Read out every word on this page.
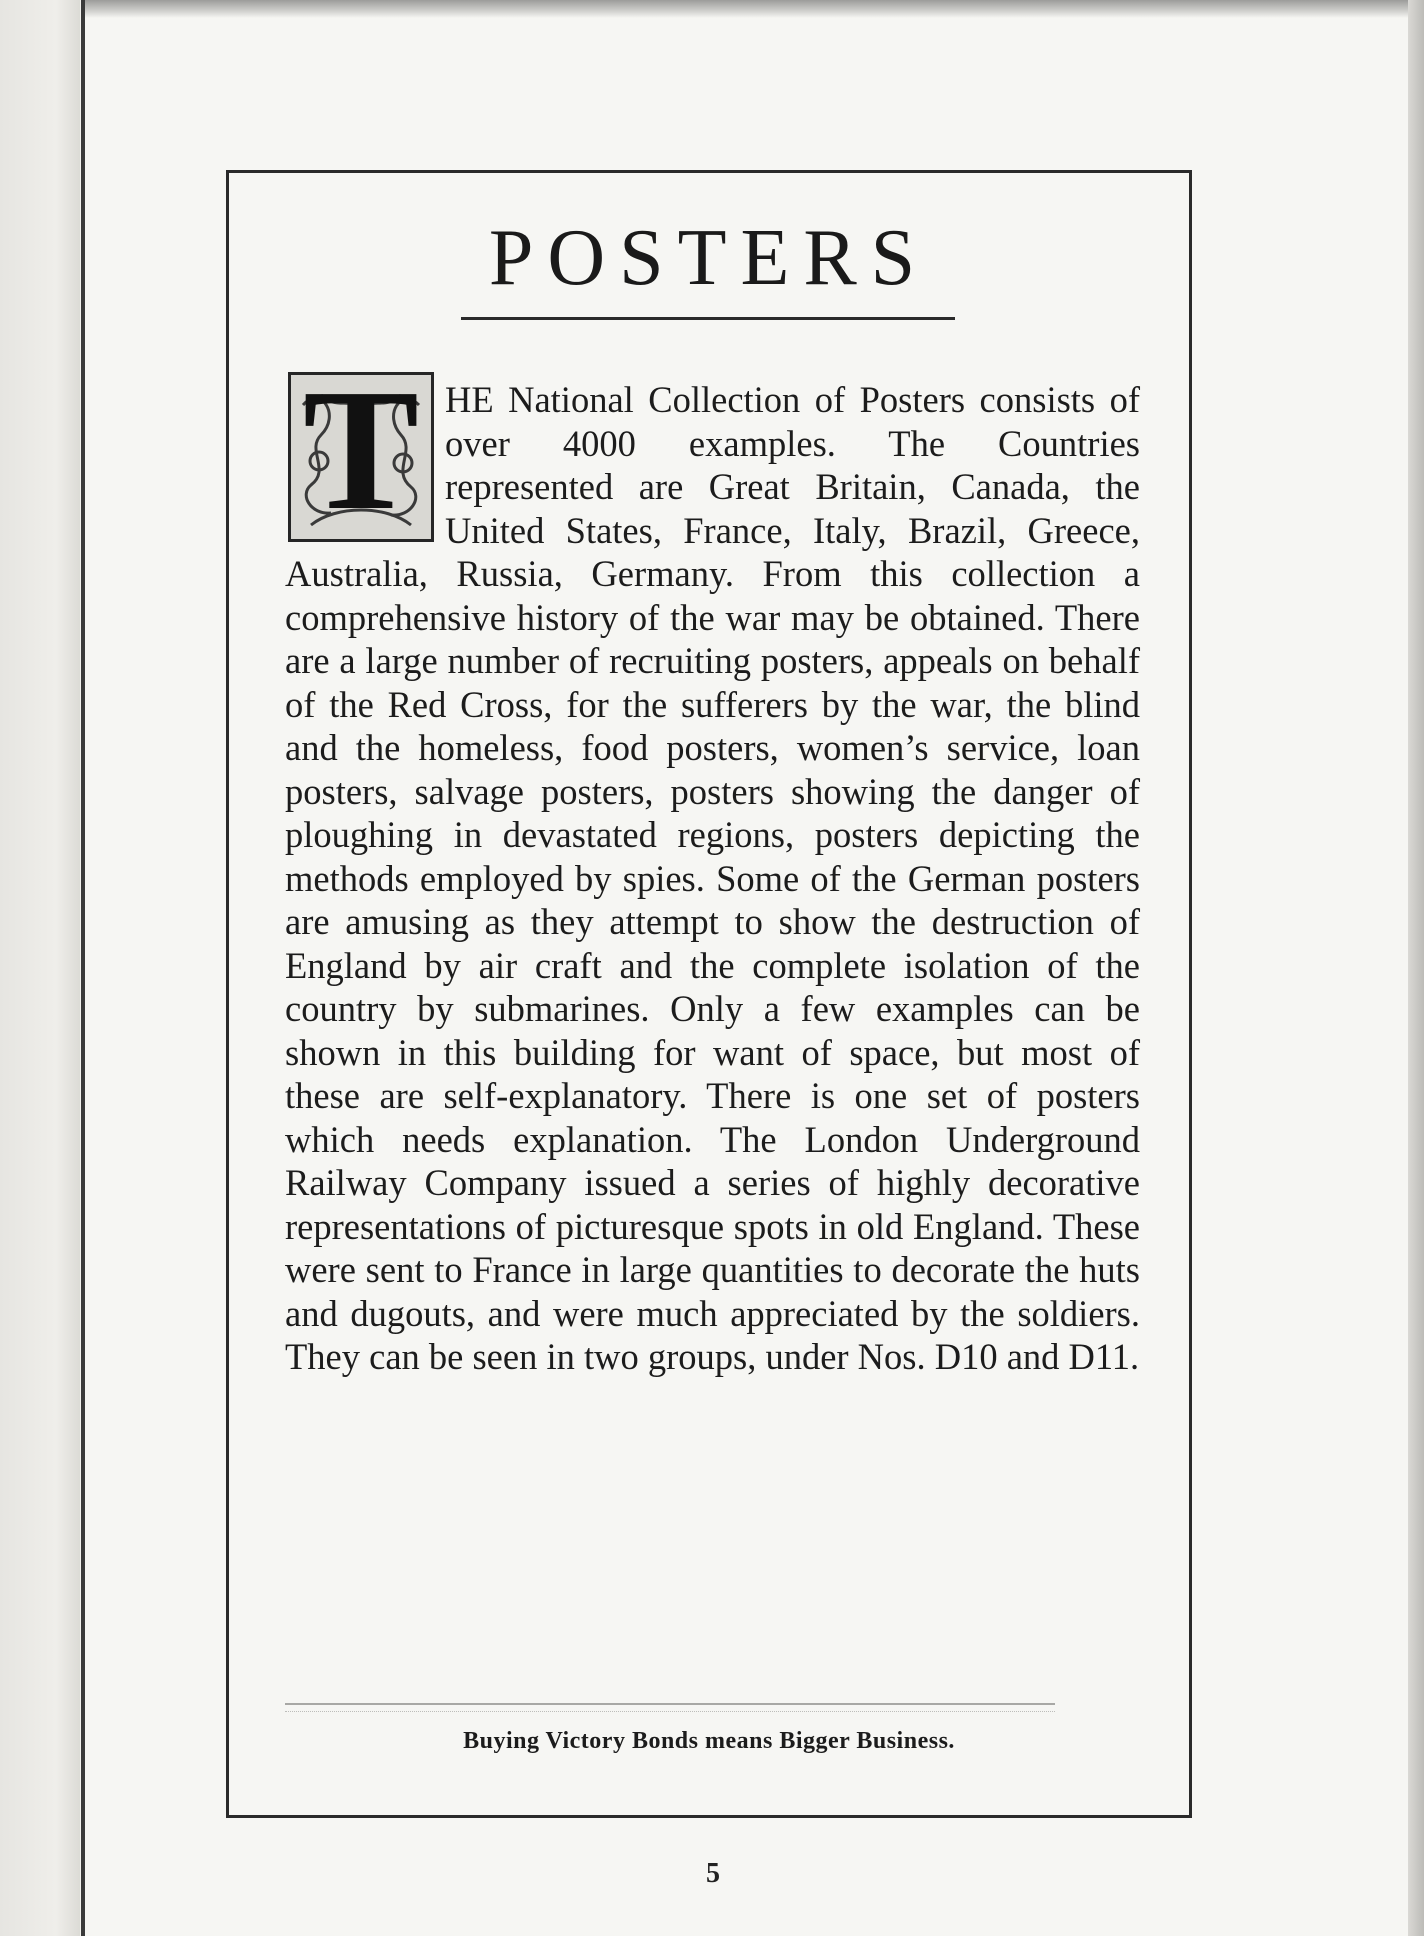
POSTERS
T HE National Collection of Posters consists of over 4000 examples. The Countries represented are Great Britain, Canada, the United States, France, Italy, Brazil, Greece, Australia, Russia, Germany. From this collection a comprehensive history of the war may be obtained. There are a large number of recruiting posters, appeals on behalf of the Red Cross, for the sufferers by the war, the blind and the homeless, food posters, women’s service, loan posters, salvage posters, posters showing the danger of ploughing in devastated regions, posters depicting the methods employed by spies. Some of the German posters are amusing as they attempt to show the destruction of England by air craft and the complete isolation of the country by submarines. Only a few examples can be shown in this building for want of space, but most of these are self-explanatory. There is one set of posters which needs explanation. The London Underground Railway Company issued a series of highly decorative representations of picturesque spots in old England. These were sent to France in large quantities to decorate the huts and dugouts, and were much appreciated by the soldiers. They can be seen in two groups, under Nos. D10 and D11.
Buying Victory Bonds means Bigger Business.
5
